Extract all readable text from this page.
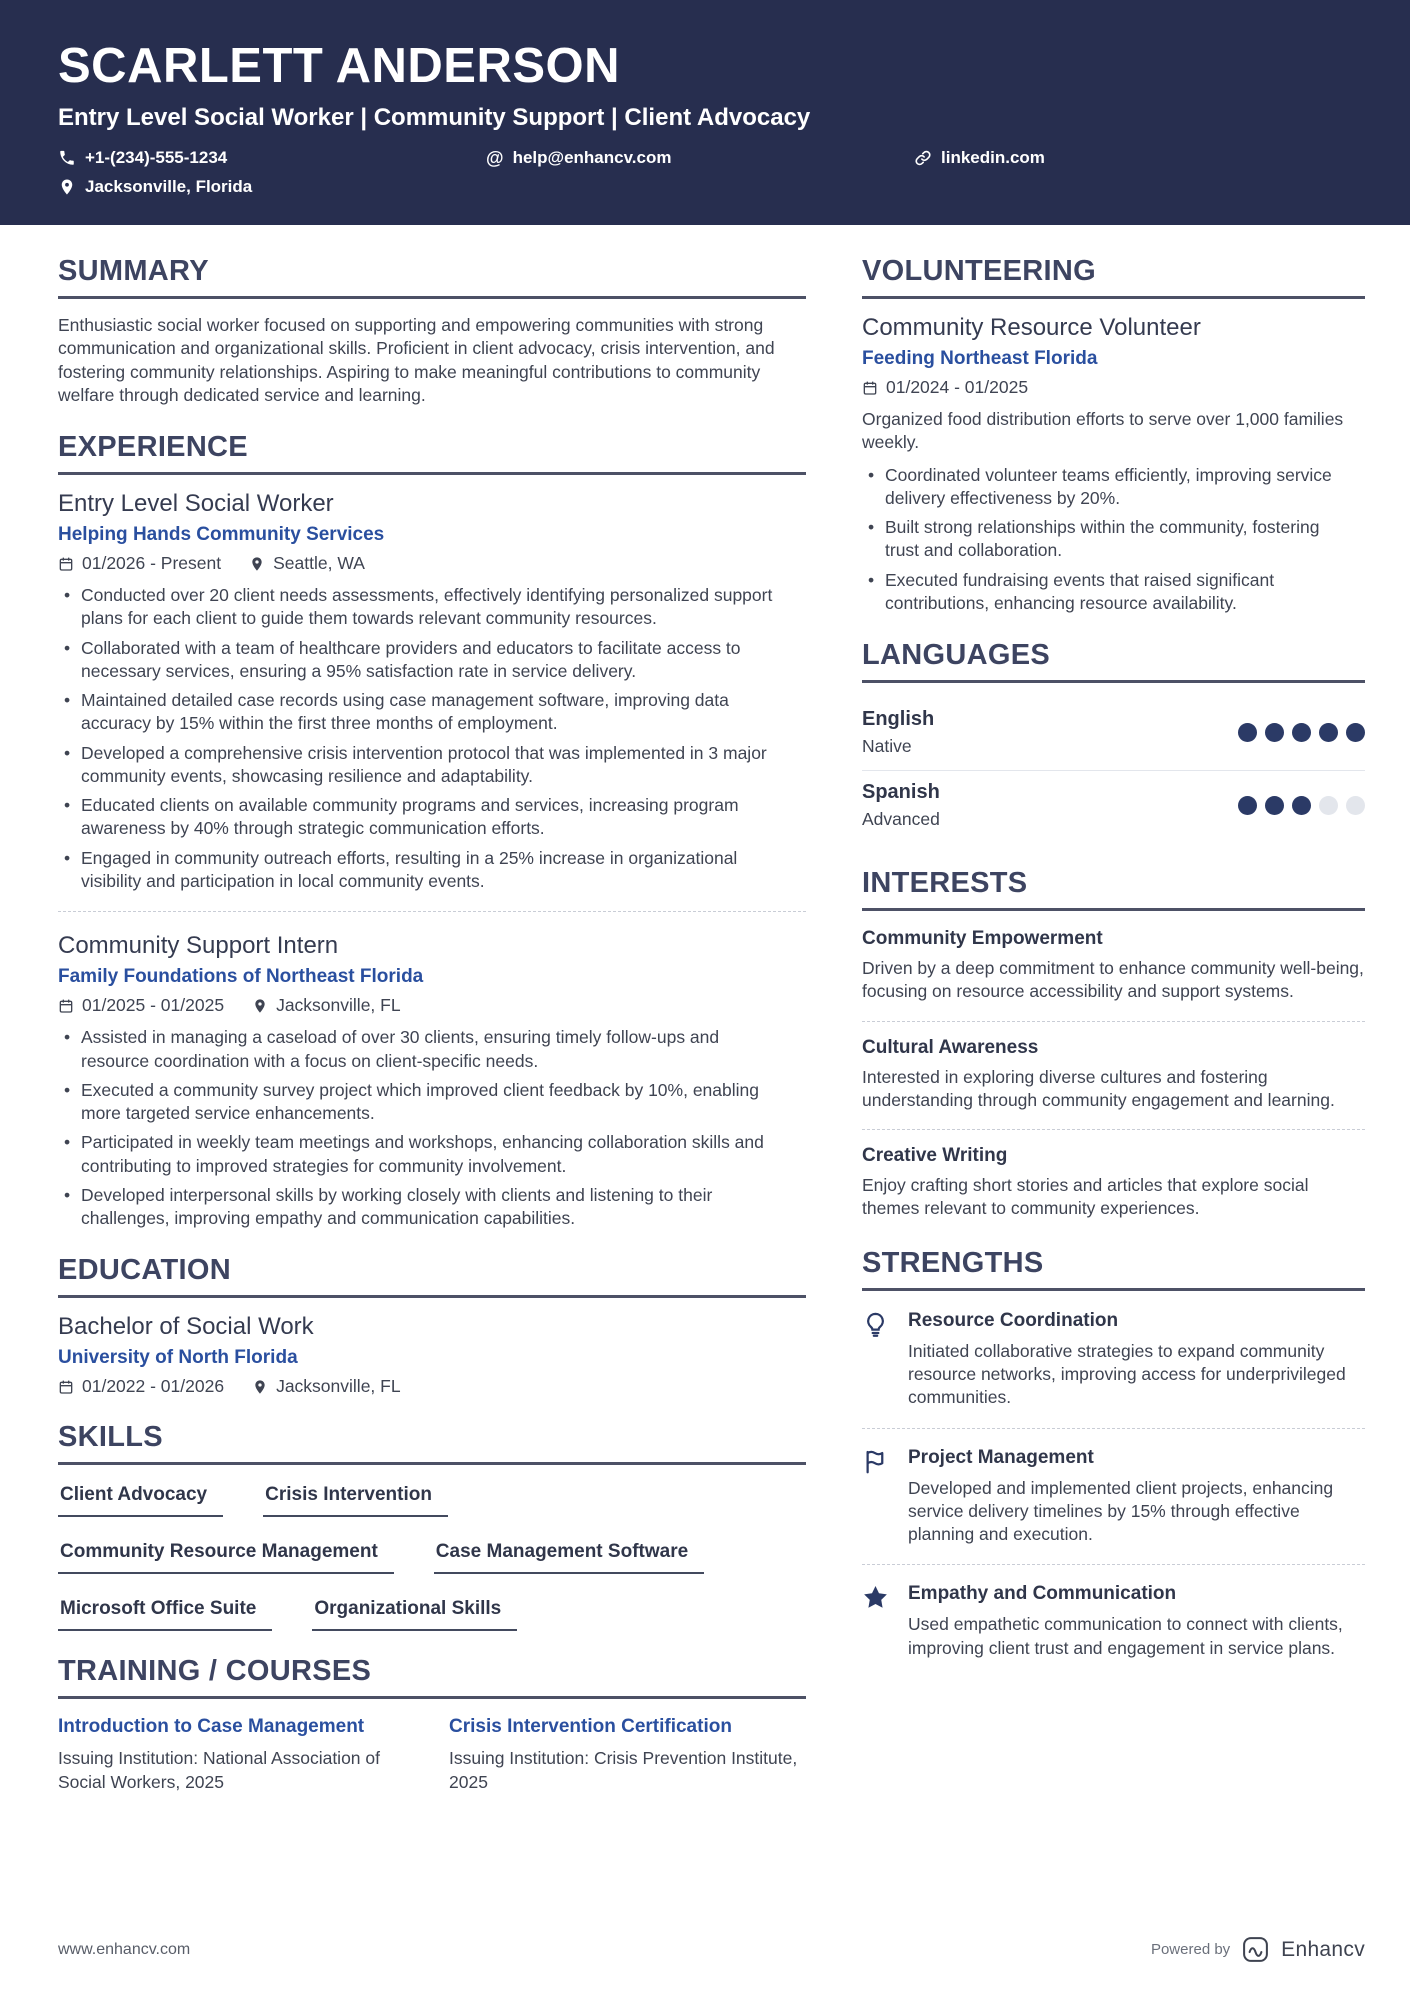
SCARLETT ANDERSON
Entry Level Social Worker | Community Support | Client Advocacy
+1-(234)-555-1234	@ help@enhancv.com	linkedin.com
Jacksonville, Florida
SUMMARY

Enthusiastic social worker focused on supporting and empowering communities with strong communication and organizational skills. Proficient in client advocacy, crisis intervention, and fostering community relationships. Aspiring to make meaningful contributions to community welfare through dedicated service and learning.

EXPERIENCE
Entry Level Social Worker
Helping Hands Community Services
01/2026 - Present	Seattle, WA
• Conducted over 20 client needs assessments, effectively identifying personalized support plans for each client to guide them towards relevant community resources.
• Collaborated with a team of healthcare providers and educators to facilitate access to necessary services, ensuring a 95% satisfaction rate in service delivery.
• Maintained detailed case records using case management software, improving data accuracy by 15% within the first three months of employment.
• Developed a comprehensive crisis intervention protocol that was implemented in 3 major community events, showcasing resilience and adaptability.
• Educated clients on available community programs and services, increasing program awareness by 40% through strategic communication efforts.
• Engaged in community outreach efforts, resulting in a 25% increase in organizational visibility and participation in local community events.
Community Support Intern
Family Foundations of Northeast Florida
01/2025 - 01/2025	Jacksonville, FL
• Assisted in managing a caseload of over 30 clients, ensuring timely follow-ups and resource coordination with a focus on client-specific needs.
• Executed a community survey project which improved client feedback by 10%, enabling more targeted service enhancements.
• Participated in weekly team meetings and workshops, enhancing collaboration skills and contributing to improved strategies for community involvement.
• Developed interpersonal skills by working closely with clients and listening to their challenges, improving empathy and communication capabilities.
EDUCATION
Bachelor of Social Work
University of North Florida
01/2022 - 01/2026	Jacksonville, FL
SKILLS
Client Advocacy	Crisis Intervention
Community Resource Management	Case Management Software
Microsoft Office Suite	Organizational Skills
TRAINING / COURSES
Introduction to Case Management
Issuing Institution: National Association of Social Workers, 2025
Crisis Intervention Certification
Issuing Institution: Crisis Prevention Institute, 2025
VOLUNTEERING
Community Resource Volunteer
Feeding Northeast Florida
01/2024 - 01/2025

Organized food distribution efforts to serve over 1,000 families weekly.

• Coordinated volunteer teams efficiently, improving service delivery effectiveness by 20%.
• Built strong relationships within the community, fostering trust and collaboration.
• Executed fundraising events that raised significant contributions, enhancing resource availability.
LANGUAGES
English
Native
Spanish
Advanced
INTERESTS
Community Empowerment
Driven by a deep commitment to enhance community well-being, focusing on resource accessibility and support systems.
Cultural Awareness
Interested in exploring diverse cultures and fostering understanding through community engagement and learning.
Creative Writing
Enjoy crafting short stories and articles that explore social themes relevant to community experiences.
STRENGTHS
Resource Coordination
Initiated collaborative strategies to expand community resource networks, improving access for underprivileged communities.
Project Management
Developed and implemented client projects, enhancing service delivery timelines by 15% through effective planning and execution.
Empathy and Communication
Used empathetic communication to connect with clients, improving client trust and engagement in service plans.
www.enhancv.com	Powered by Enhancv
